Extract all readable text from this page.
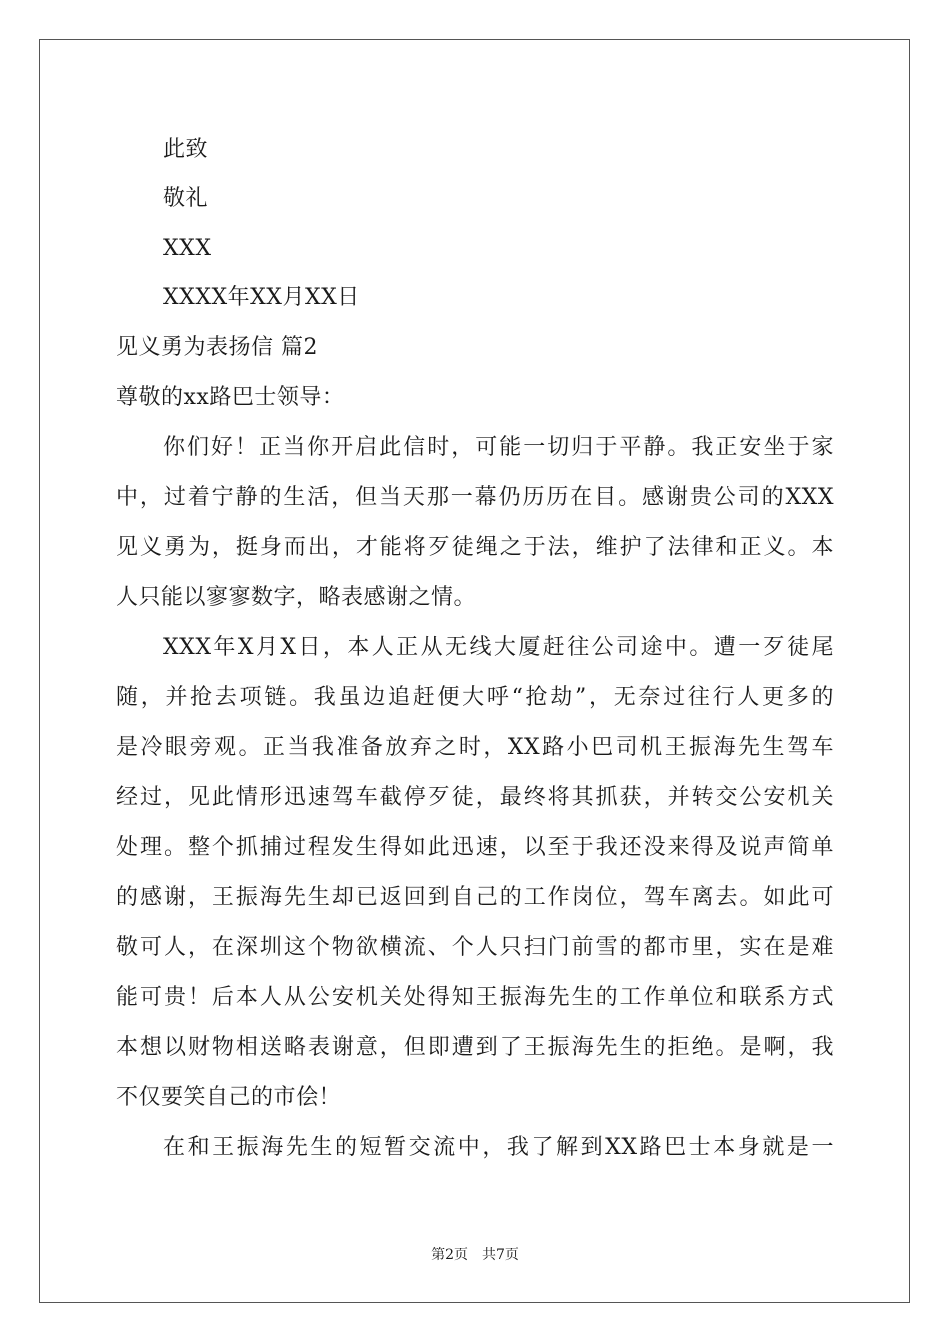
此致
敬礼
XXX
XXXX年XX月XX日
见义勇为表扬信 篇2
尊敬的xx路巴士领导：
你们好！正当你开启此信时，可能一切归于平静。我正安坐于家
中，过着宁静的生活，但当天那一幕仍历历在目。感谢贵公司的XXX
见义勇为，挺身而出，才能将歹徒绳之于法，维护了法律和正义。本
人只能以寥寥数字，略表感谢之情。
XXX年X月X日，本人正从无线大厦赶往公司途中。遭一歹徒尾
随，并抢去项链。我虽边追赶便大呼“抢劫”，无奈过往行人更多的
是冷眼旁观。正当我准备放弃之时，XX路小巴司机王振海先生驾车
经过，见此情形迅速驾车截停歹徒，最终将其抓获，并转交公安机关
处理。整个抓捕过程发生得如此迅速，以至于我还没来得及说声简单
的感谢，王振海先生却已返回到自己的工作岗位，驾车离去。如此可
敬可人，在深圳这个物欲横流、个人只扫门前雪的都市里，实在是难
能可贵！后本人从公安机关处得知王振海先生的工作单位和联系方式
本想以财物相送略表谢意，但即遭到了王振海先生的拒绝。是啊，我
不仅要笑自己的市侩！
在和王振海先生的短暂交流中，我了解到XX路巴士本身就是一
第2页　共7页
